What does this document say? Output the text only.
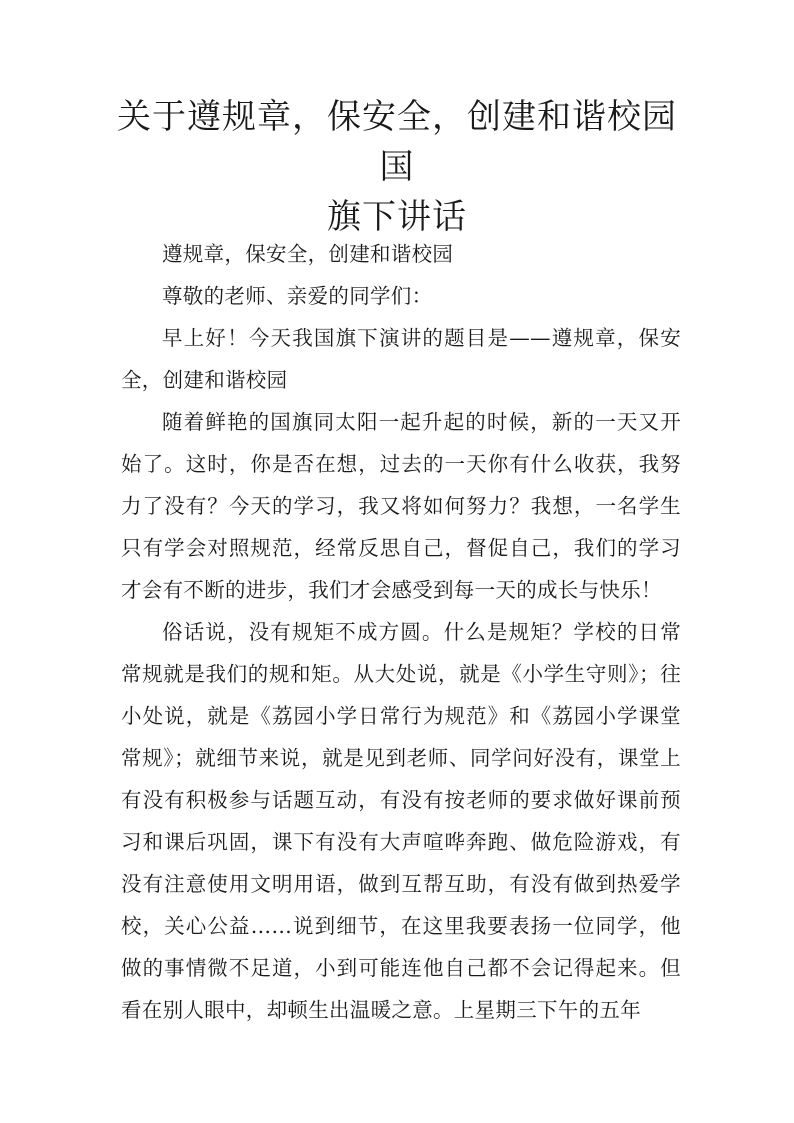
关于遵规章，保安全，创建和谐校园国
旗下讲话

遵规章，保安全，创建和谐校园

尊敬的老师、亲爱的同学们：

早上好！今天我国旗下演讲的题目是——遵规章，保安全，创建和谐校园

随着鲜艳的国旗同太阳一起升起的时候，新的一天又开始了。这时，你是否在想，过去的一天你有什么收获，我努力了没有？今天的学习，我又将如何努力？我想，一名学生只有学会对照规范，经常反思自己，督促自己，我们的学习才会有不断的进步，我们才会感受到每一天的成长与快乐！

俗话说，没有规矩不成方圆。什么是规矩？学校的日常常规就是我们的规和矩。从大处说，就是《小学生守则》；往小处说，就是《荔园小学日常行为规范》和《荔园小学课堂常规》；就细节来说，就是见到老师、同学问好没有，课堂上有没有积极参与话题互动，有没有按老师的要求做好课前预习和课后巩固，课下有没有大声喧哗奔跑、做危险游戏，有没有注意使用文明用语，做到互帮互助，有没有做到热爱学校，关心公益……说到细节，在这里我要表扬一位同学，他做的事情微不足道，小到可能连他自己都不会记得起来。但看在别人眼中，却顿生出温暖之意。上星期三下午的五年
